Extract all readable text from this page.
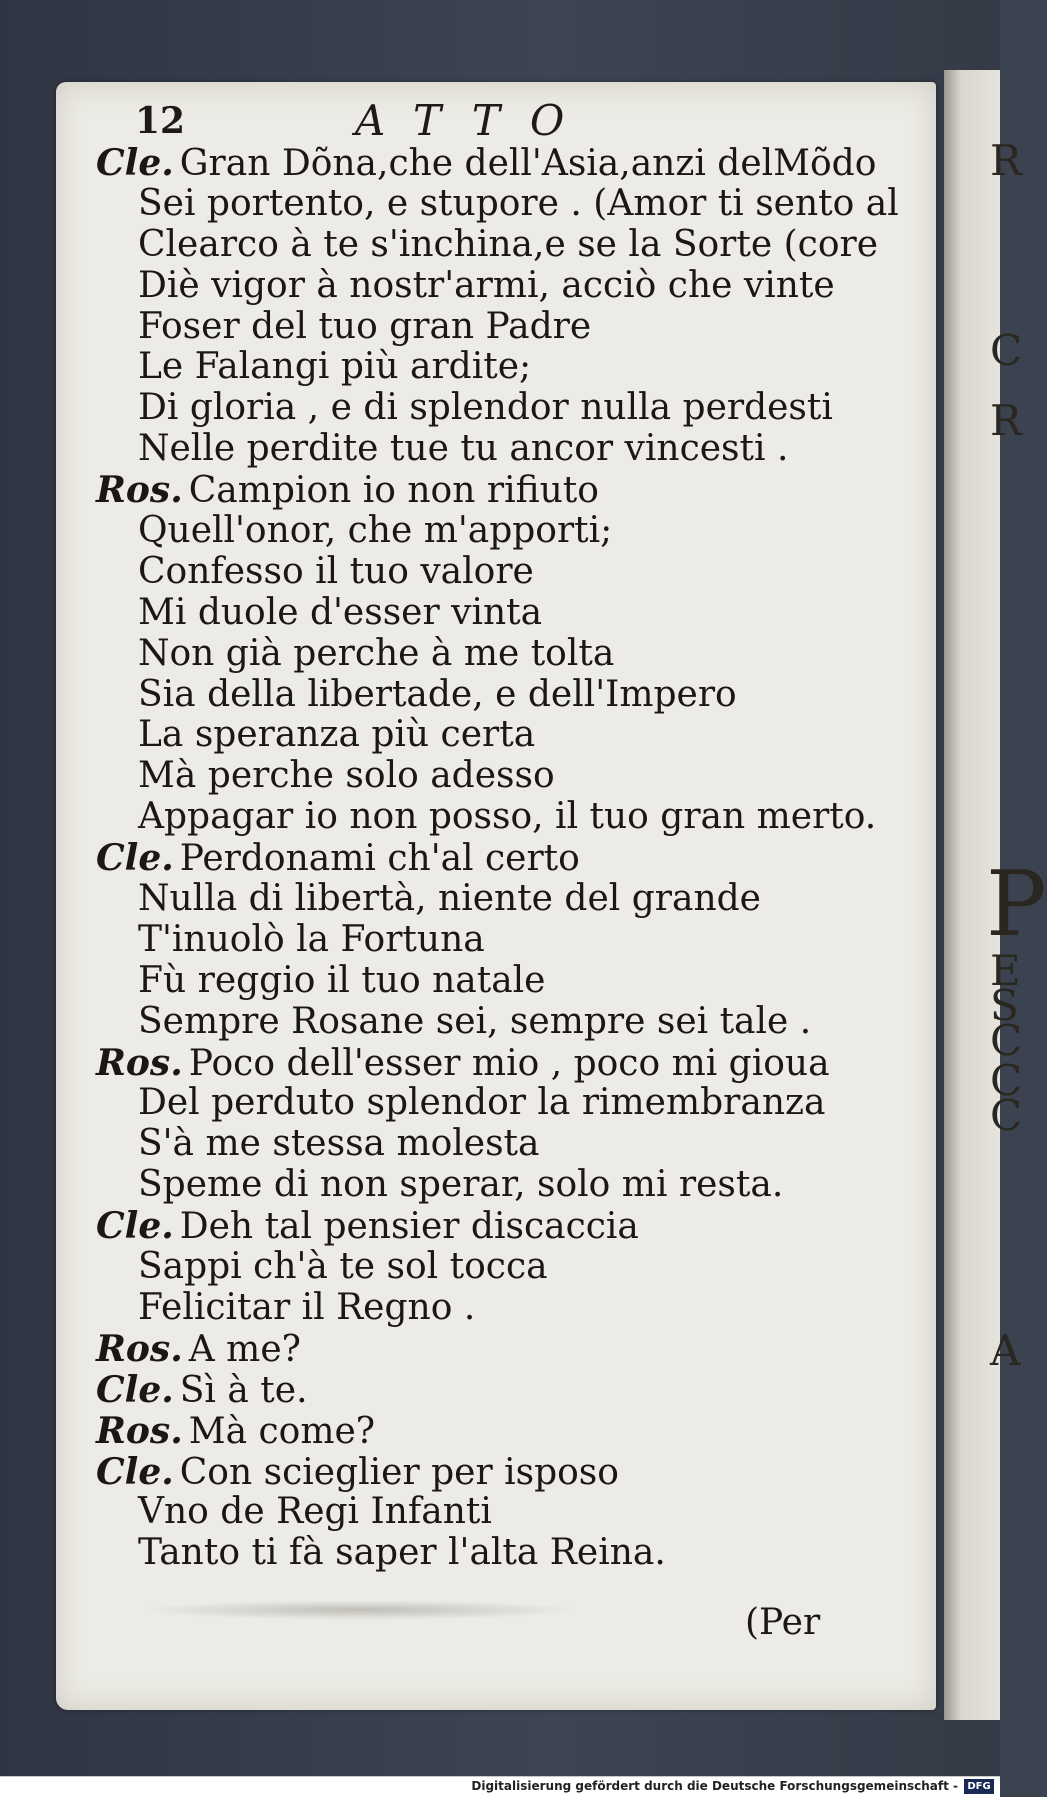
R
C
R
P
E
S
C
C
C
A
12	ATTO
Cle. Gran Dõna,che dell'Asia,anzi delMõdo
Sei portento, e stupore . (Amor ti sento al
Clearco à te s'inchina,e se la Sorte (core
Diè vigor à nostr'armi, acciò che vinte
Foser del tuo gran Padre
Le Falangi più ardite;
Di gloria , e di splendor nulla perdesti
Nelle perdite tue tu ancor vincesti .
Ros. Campion io non rifiuto
Quell'onor, che m'apporti;
Confesso il tuo valore
Mi duole d'esser vinta
Non già perche à me tolta
Sia della libertade, e dell'Impero
La speranza più certa
Mà perche solo adesso
Appagar io non posso, il tuo gran merto.
Cle. Perdonami ch'al certo
Nulla di libertà, niente del grande
T'inuolò la Fortuna
Fù reggio il tuo natale
Sempre Rosane sei, sempre sei tale .
Ros. Poco dell'esser mio , poco mi gioua
Del perduto splendor la rimembranza
S'à me stessa molesta
Speme di non sperar, solo mi resta.
Cle. Deh tal pensier discaccia
Sappi ch'à te sol tocca
Felicitar il Regno .
Ros. A me?
Cle. Sì à te.
Ros. Mà come?
Cle. Con scieglier per isposo
Vno de Regi Infanti
Tanto ti fà saper l'alta Reina.
(Per
Digitalisierung gefördert durch die Deutsche Forschungsgemeinschaft - DFG
